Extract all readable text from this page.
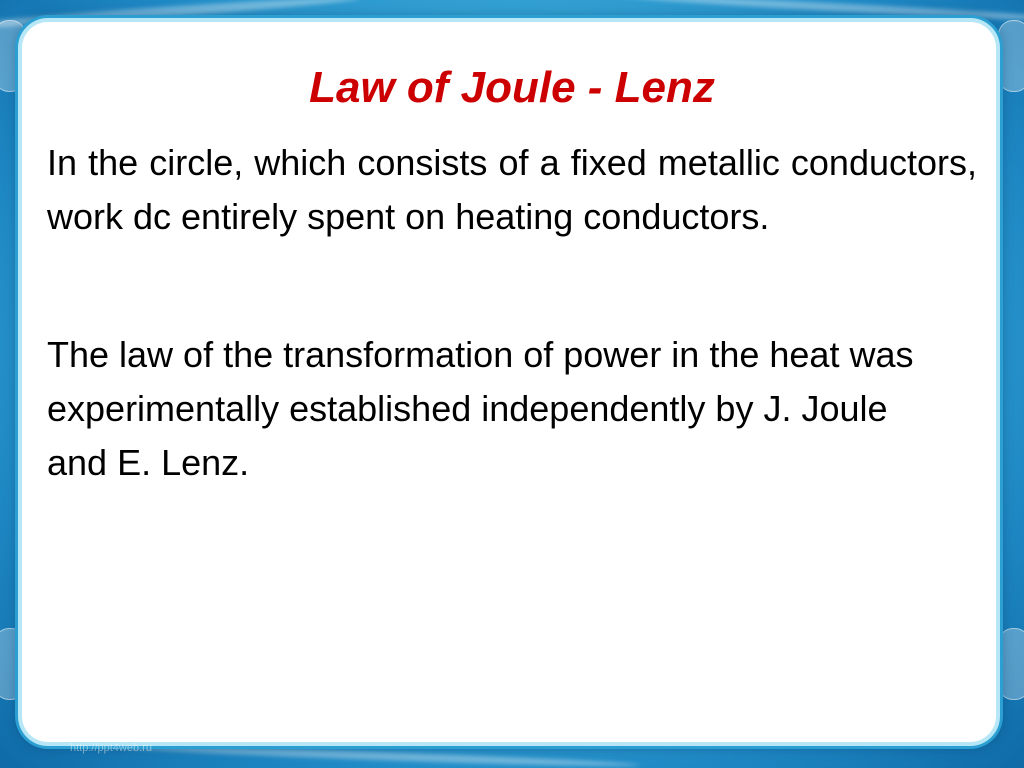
Law of Joule - Lenz

In the circle, which consists of a fixed metallic conductors, work dc entirely spent on heating conductors.

The law of the transformation of power in the heat was experimentally established independently by J. Joule and E. Lenz.

http://ppt4web.ru
